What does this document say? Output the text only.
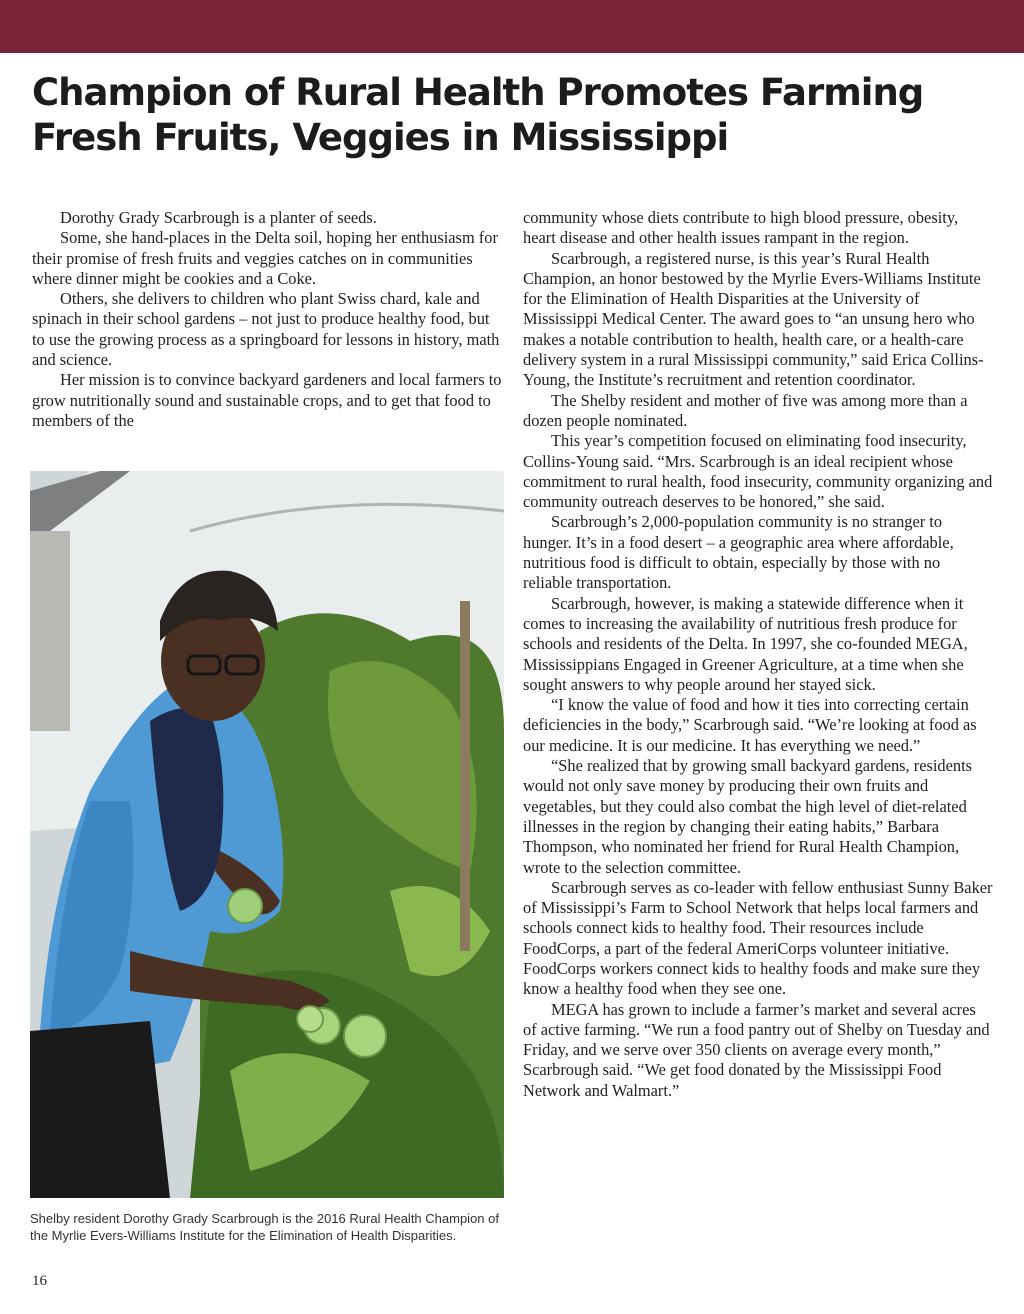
Champion of Rural Health Promotes Farming
Fresh Fruits, Veggies in Mississippi

Dorothy Grady Scarbrough is a planter of seeds.

Some, she hand-places in the Delta soil, hoping her enthusiasm for their promise of fresh fruits and veggies catches on in communities where dinner might be cookies and a Coke.

Others, she delivers to children who plant Swiss chard, kale and spinach in their school gardens – not just to produce healthy food, but to use the growing process as a springboard for lessons in history, math and science.

Her mission is to convince backyard gardeners and local farmers to grow nutritionally sound and sustainable crops, and to get that food to members of the

Shelby resident Dorothy Grady Scarbrough is the 2016 Rural Health Champion of the Myrlie Evers-Williams Institute for the Elimination of Health Disparities.

community whose diets contribute to high blood pressure, obesity, heart disease and other health issues rampant in the region.

Scarbrough, a registered nurse, is this year’s Rural Health Champion, an honor bestowed by the Myrlie Evers-Williams Institute for the Elimination of Health Disparities at the University of Mississippi Medical Center. The award goes to “an unsung hero who makes a notable contribution to health, health care, or a health-care delivery system in a rural Mississippi community,” said Erica Collins-Young, the Institute’s recruitment and retention coordinator.

The Shelby resident and mother of five was among more than a dozen people nominated.

This year’s competition focused on eliminating food insecurity, Collins-Young said. “Mrs. Scarbrough is an ideal recipient whose commitment to rural health, food insecurity, community organizing and community outreach deserves to be honored,” she said.

Scarbrough’s 2,000-population community is no stranger to hunger. It’s in a food desert – a geographic area where affordable, nutritious food is difficult to obtain, especially by those with no reliable transportation.

Scarbrough, however, is making a statewide difference when it comes to increasing the availability of nutritious fresh produce for schools and residents of the Delta. In 1997, she co-founded MEGA, Mississippians Engaged in Greener Agriculture, at a time when she sought answers to why people around her stayed sick.

“I know the value of food and how it ties into correcting certain deficiencies in the body,” Scarbrough said. “We’re looking at food as our medicine. It is our medicine. It has everything we need.”

“She realized that by growing small backyard gardens, residents would not only save money by producing their own fruits and vegetables, but they could also combat the high level of diet-related illnesses in the region by changing their eating habits,” Barbara Thompson, who nominated her friend for Rural Health Champion, wrote to the selection committee.

Scarbrough serves as co-leader with fellow enthusiast Sunny Baker of Mississippi’s Farm to School Network that helps local farmers and schools connect kids to healthy food. Their resources include FoodCorps, a part of the federal AmeriCorps volunteer initiative. FoodCorps workers connect kids to healthy foods and make sure they know a healthy food when they see one.

MEGA has grown to include a farmer’s market and several acres of active farming. “We run a food pantry out of Shelby on Tuesday and Friday, and we serve over 350 clients on average every month,” Scarbrough said. “We get food donated by the Mississippi Food Network and Walmart.”

16
